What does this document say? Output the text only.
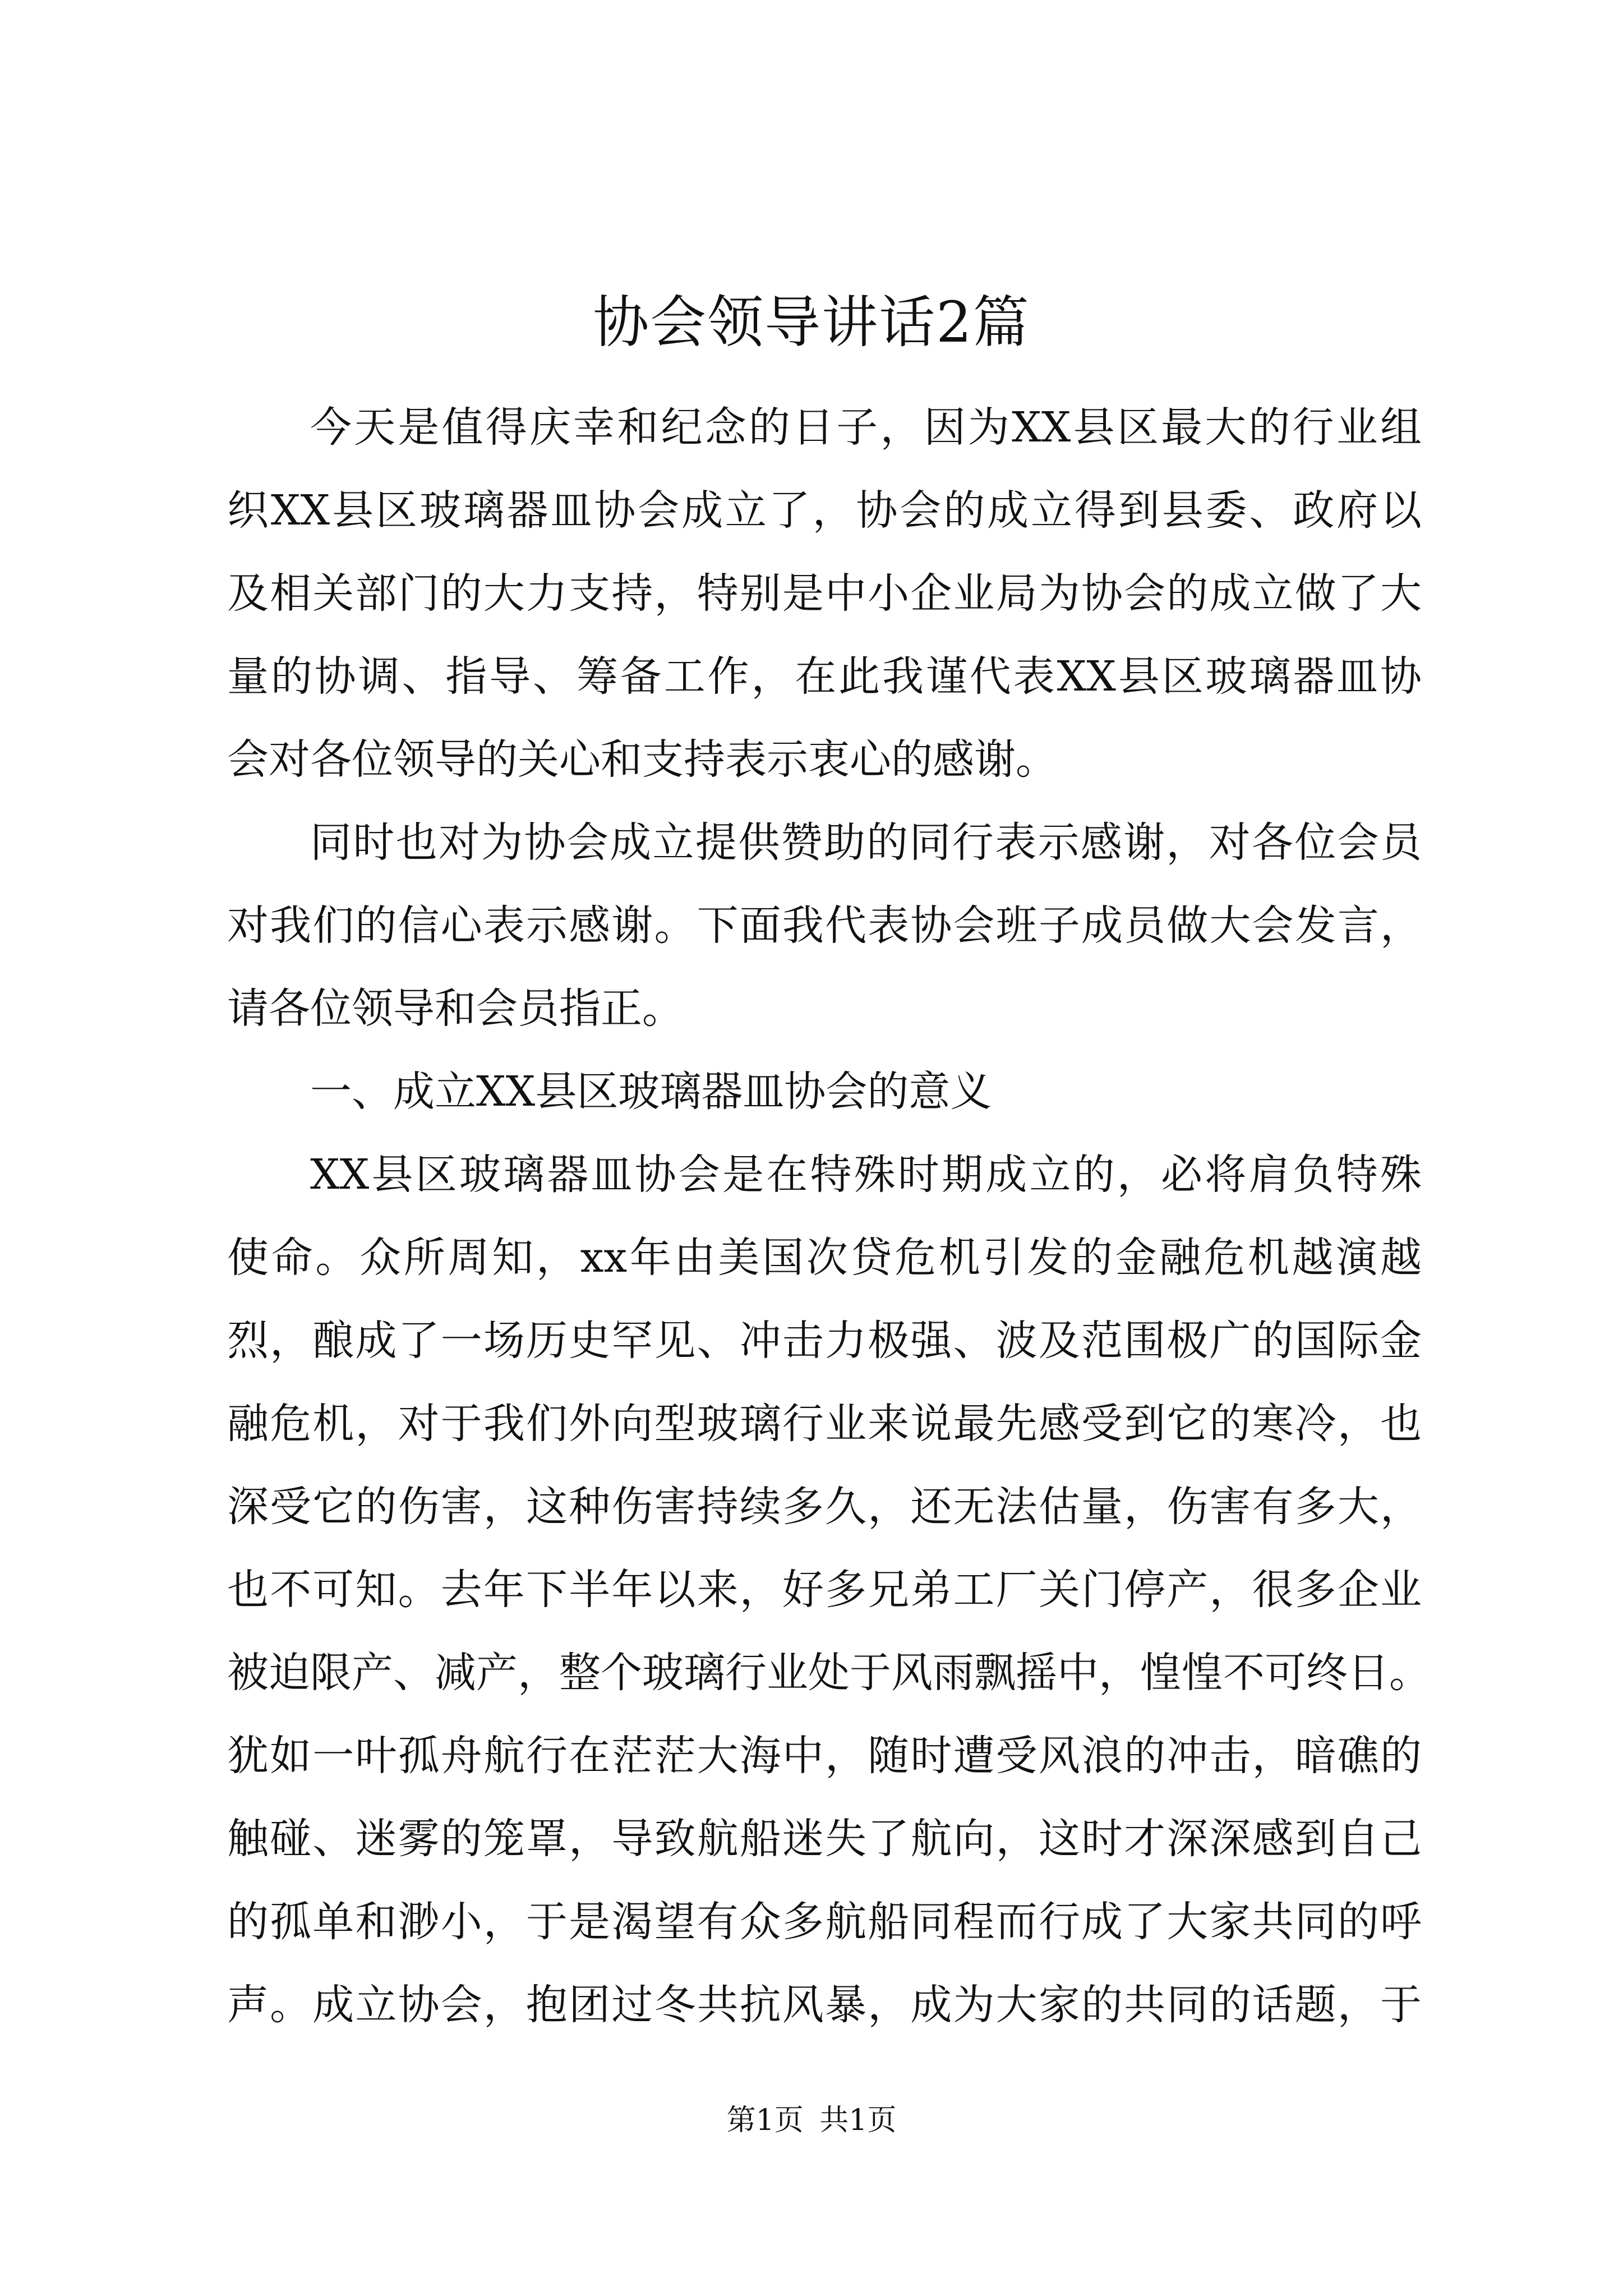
协会领导讲话2篇
今天是值得庆幸和纪念的日子，因为XX县区最大的行业组
织XX县区玻璃器皿协会成立了，协会的成立得到县委、政府以
及相关部门的大力支持，特别是中小企业局为协会的成立做了大
量的协调、指导、筹备工作，在此我谨代表XX县区玻璃器皿协
会对各位领导的关心和支持表示衷心的感谢。
同时也对为协会成立提供赞助的同行表示感谢，对各位会员
对我们的信心表示感谢。下面我代表协会班子成员做大会发言，
请各位领导和会员指正。
一、成立XX县区玻璃器皿协会的意义
XX县区玻璃器皿协会是在特殊时期成立的，必将肩负特殊
使命。众所周知，xx年由美国次贷危机引发的金融危机越演越
烈，酿成了一场历史罕见、冲击力极强、波及范围极广的国际金
融危机，对于我们外向型玻璃行业来说最先感受到它的寒冷，也
深受它的伤害，这种伤害持续多久，还无法估量，伤害有多大，
也不可知。去年下半年以来，好多兄弟工厂关门停产，很多企业
被迫限产、减产，整个玻璃行业处于风雨飘摇中，惶惶不可终日。
犹如一叶孤舟航行在茫茫大海中，随时遭受风浪的冲击，暗礁的
触碰、迷雾的笼罩，导致航船迷失了航向，这时才深深感到自己
的孤单和渺小，于是渴望有众多航船同程而行成了大家共同的呼
声。成立协会，抱团过冬共抗风暴，成为大家的共同的话题，于
第1页 共1页
